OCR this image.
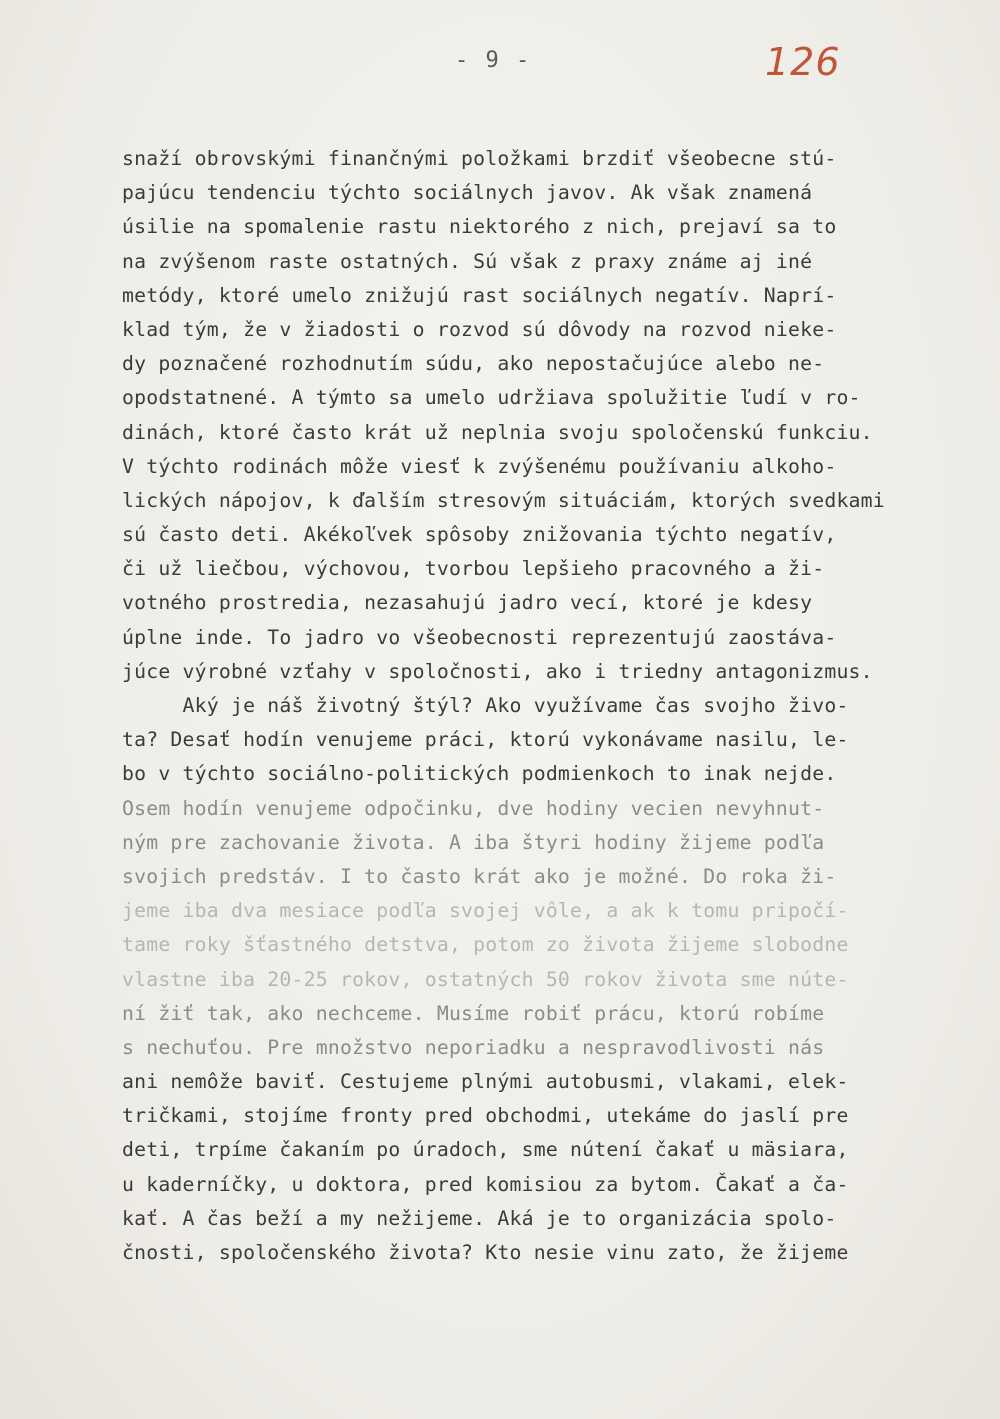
- 9 -	126
snaží obrovskými finančnými položkami brzdiť všeobecne stú-
pajúcu tendenciu týchto sociálnych javov. Ak však znamená
úsilie na spomalenie rastu niektorého z nich, prejaví sa to
na zvýšenom raste ostatných. Sú však z praxy známe aj iné
metódy, ktoré umelo znižujú rast sociálnych negatív. Naprí-
klad tým, že v žiadosti o rozvod sú dôvody na rozvod nieke-
dy poznačené rozhodnutím súdu, ako nepostačujúce alebo ne-
opodstatnené. A týmto sa umelo udržiava spolužitie ľudí v ro-
dinách, ktoré často krát už neplnia svoju spoločenskú funkciu.
V týchto rodinách môže viesť k zvýšenému používaniu alkoho-
lických nápojov, k ďalším stresovým situáciám, ktorých svedkami
sú často deti. Akékoľvek spôsoby znižovania týchto negatív,
či už liečbou, výchovou, tvorbou lepšieho pracovného a ži-
votného prostredia, nezasahujú jadro vecí, ktoré je kdesy
úplne inde. To jadro vo všeobecnosti reprezentujú zaostáva-
júce výrobné vzťahy v spoločnosti, ako i triedny antagonizmus.
Aký je náš životný štýl? Ako využívame čas svojho živo-
ta? Desať hodín venujeme práci, ktorú vykonávame nasilu, le-
bo v týchto sociálno-politických podmienkoch to inak nejde.
Osem hodín venujeme odpočinku, dve hodiny vecien nevyhnut-
ným pre zachovanie života. A iba štyri hodiny žijeme podľa
svojich predstáv. I to často krát ako je možné. Do roka ži-
jeme iba dva mesiace podľa svojej vôle, a ak k tomu pripočí-
tame roky šťastného detstva, potom zo života žijeme slobodne
vlastne iba 20-25 rokov, ostatných 50 rokov života sme núte-
ní žiť tak, ako nechceme. Musíme robiť prácu, ktorú robíme
s nechuťou. Pre množstvo neporiadku a nespravodlivosti nás
ani nemôže baviť. Cestujeme plnými autobusmi, vlakami, elek-
tričkami, stojíme fronty pred obchodmi, utekáme do jaslí pre
deti, trpíme čakaním po úradoch, sme nútení čakať u mäsiara,
u kaderníčky, u doktora, pred komisiou za bytom. Čakať a ča-
kať. A čas beží a my nežijeme. Aká je to organizácia spolo-
čnosti, spoločenského života? Kto nesie vinu zato, že žijeme
